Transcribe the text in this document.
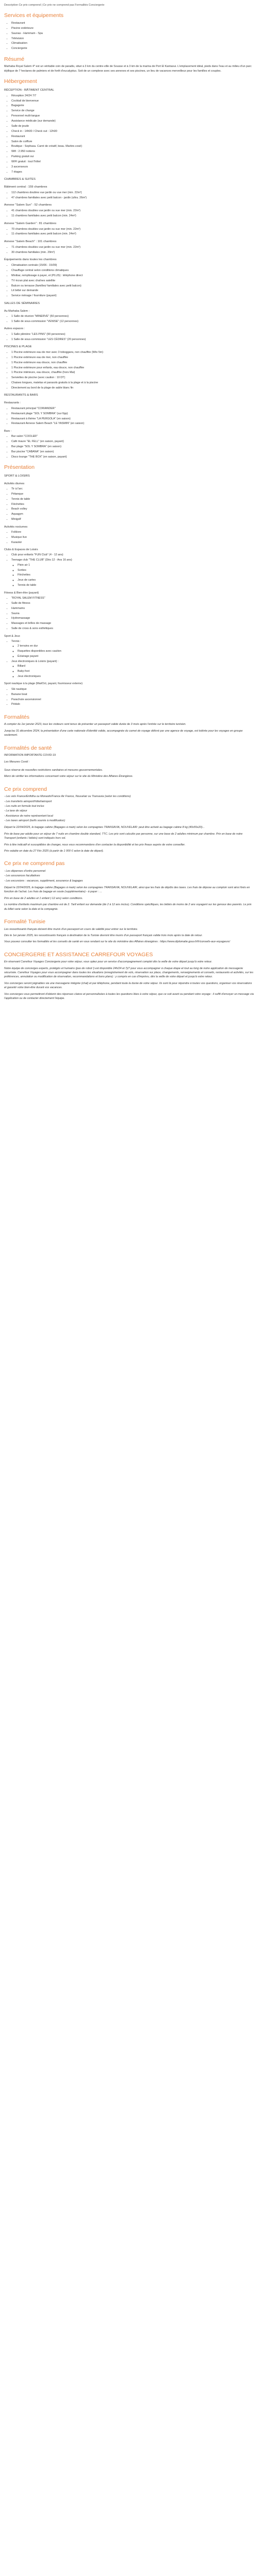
Description Ce prix comprend | Ce prix ne comprend pas Formalités Conciergerie

Services et équipements
• Restaurant
• Piscine extérieure
• Saunas - Hammam - Spa
• Télévision
• Climatisation
• Conciergerie
Résumé

Marhaba Royal Salem 4* est un véritable coin de paradis, situé à 3 km du centre-ville de Sousse et à 3 km de la marina de Port El Kantaoui. L'emplacement idéal, pieds dans l'eau et au milieu d'un parc idyllique de 7 hectares de palmiers et de forêt d'eucalyptus. Soit de un complexe avec ses annexes et ses piscines, un lieu de vacances merveilleux pour les familles et couples.

Hébergement
RÉCEPTION - BÂTIMENT CENTRAL
• Réception 24/24 7/7
• Cocktail de bienvenue
• Bagagerie
• Service de change
• Personnel multi-langue
• Assistance médicale (sur demande)
• Salle de jeude
• Check in : 14h00 / Check out : 12h00
• Restaurant
• Salon de coiffure
• Boutique : Sophasa. Carré de créatif, beau. Marbre.cosé)
• Wifi : 2.950 notions
• Parking gratuit oui
• WIFI gratuit : tout l'hôtel
• 3 ascenseurs
• 7 étages
CHAMBRES & SUITES
Bâtiment central : 159 chambres
• 112 chambres doubles vue jardin ou vue mer (min. 22m²)
• 47 chambres familiales avec petit balcon - jardin (ultra. 26m²)
Annexe "Salem Sun" : 52 chambres
• 41 chambres doubles vue jardin ou vue mer (min. 22m²)
• 11 chambres familiales avec petit balcon (min. 24m²)
Annexe "Salem Garden" : 81 chambres
• 70 chambres doubles vue jardin ou vue mer (min. 22m²)
• 11 chambres familiales avec petit balcon (min. 24m²)
Annexe "Salem Beach" : 101 chambres
• 71 chambres doubles vue jardin ou vue mer (min. 22m²)
• 30 chambres familiales (min. 29m²)
Équipements dans toutes les chambres
• Climatisation centrale (15/06 - 15/09)
• Chauffage central selon conditions climatiques
• Minibar, remplissage à payer, et (PLUS) : téléphone direct
• TV écran plat avec chaînes satellite
• Balcon ou terrasse (familles/ familiales avec petit balcon)
• Lit bébé sur demande
• Service ménage / fourniture (payant)
SALLES DE SÉMINAIRES

Au Marhaba Salem :

• 1 Salle de réunion "MINERVE" (50 personnes)
• 1 Salle de sous-commission "VENISE" (12 personnes)

Autres espaces :

• 1 Salle plénière "LES PINS" (90 personnes)
• 1 Salle de sous-commission "LES CÈDRES" (20 personnes)
PISCINES & PLAGE
• 1 Piscine extérieure eau de mer avec 3 toboggans, non chauffée (Wto 5m)
• 1 Piscine extérieure eau de mer, non chauffée
• 1 Piscine extérieure eau douce, non chauffée
• 1 Piscine extérieure pour enfants, eau douce, non chauffée
• 1 Piscine intérieure, eau douce, chauffée (hors Mai)
• Serviettes de piscine (avec caution : 10 DT)
• Chaises longues, matelas et parasols gratuits à la plage et à la piscine
• Directement au bord de la plage de sable blanc fin
RESTAURANTS & BARS

Restaurants :

• Restaurant principal "CORIANDER"
• Restaurant plage "SOL Y SOMBRA" (sur fipp)
• Restaurant à thème "LA PERGOLA" (en saison)
• Restaurant Annexe Salem Beach "LE YASMIN" (en saison)

Bars :

• Bar salon "COOLER"
• Café maure "EL FELL" (en saison, payant)
• Bar plage "SOL Y SOMBRA" (en saison)
• Bar piscine "CABANA" (en saison)
• Disco lounge "THE BOX" (en saison, payant)
Présentation
SPORT & LOISIRS

Activités diurnes

• Tir à l'arc
• Pétanque
• Tennis de table
• Fléchettes
• Beach volley
• Aquagym
• Minigolf

Activités nocturnes

• Folklore
• Musique live
• Karaoké

Clubs & Espaces de Loisirs

• Club pour enfants "FUN Club" (4 - 12 ans)
• Teenage club "THE CLUB" (Dès 12 - Ans 16 ans)
◦ Plein air 1
◦ Sorties
◦ Fléchettes
◦ Jeux de cartes
◦ Tennis de table

Fitness & Bien-être (payant)

• "ROYAL SALEM FITNESS"
• Salle de fitness
• Hammams
• Sauna
• Hydromassage
• Massages et brilles de massage
• Salle de cross & sons esthétiques

Sport & Jeux

• Tennis :
◦ 2 terrains en dur
◦ Raquettes disponibles avec caution
◦ Éclairage payant
• Jeux électroniques & Loisirs (payant) :
◦ Billard
◦ Baby-foot
◦ Jeux électroniques

Sport nautique à la plage (Mai/Oct, payant, fournisseur externe)

• Ski nautique
• Banane boat
• Parachute ascensionnel
• Pédalo
Formalités

A compter du 1er janvier 2023, tous les visiteurs sont tenus de présenter un passeport valide durée de 3 mois après l'entrée sur le territoire tunisien.

Jusqu'au 31 décembre 2024, la présentation d'une carte nationale d'identité valide, accompagnée du carnet de voyage délivré par une agence de voyage, est tolérée pour les voyages en groupe seulement.

Formalités de santé

INFORMATION IMPORTANTE COVID-19

Les Mesures Covid :

Sous réserve de nouvelles restrictions sanitaires et mesures gouvernementales.

Merci de vérifier les informations concernant votre séjour sur le site du Ministère des Affaires Étrangères.

Ce prix comprend

- Les vols France/Enfidha ou Monastir/France Air France, Nouvelair ou Transavia (selon les conditions)

- Les transferts aéroport/hôtel/aéroport

- Les nuits en formule tout inclus

- La taxe de séjour

- Assistance de notre représentant local

- Les taxes aéroport (tarifs soumis à modification)

Départ le 22/04/2025, le bagage cabine (Bagages à main) selon les compagnies TRANSAVIA, NOUVELAIR: peut être acheté au bagage cabine 8 kg (40x55x20)...

Prix de base par adulte pour un séjour de 7 nuits en chambre double standard, TTC. Les prix sont calculés par personne, sur une base de 2 adultes minimum par chambre. Prix en base de notre Transport (enfants / bébés) sont indiqués hors vol.

Prix à titre indicatif et susceptibles de changer, nous vous recommandons d'en contacter la disponibilité et les prix finaux auprès de votre conseiller.

Prix valable en date du 27 Fév 2025 (à partir de 1 000 € selon la date de départ).

Ce prix ne comprend pas

- Les dépenses d'ordre personnel

- Les assurances facultatives

- Les excursions : vacances, supplément, assurance & bagages

Départ le 22/04/2025, le bagage cabine (Bagages à main) selon les compagnies TRANSAVIA, NOUVELAIR, ainsi que les frais de dépôts des taxes. Les frais de dépose au comptoir sont ainsi fixés en fonction de l'achat. Les frais de bagage en soute (supplémentaire) - à payer : ...

Prix en base de 2 adultes et 1 enfant (-12 ans) selon conditions.

Le nombre d'enfants maximum par chambre est de 2. Tarif enfant sur demande (de 2 à 12 ans inclus). Conditions spécifiques, les bébés de moins de 2 ans voyagent sur les genoux des parents. Le prix du billet varie selon la date et la compagnie.

Formalité Tunisie

Les ressortissants français doivent être munis d'un passeport en cours de validité pour entrer sur le territoire.

Dès le 1er janvier 2025, les ressortissants français à destination de la Tunisie devront être munis d'un passeport français valide trois mois après la date de retour.

Vous pouvez consulter les formalités et les conseils de santé en vous rendant sur le site du ministère des Affaires étrangères : https://www.diplomatie.gouv.fr/fr/conseils-aux-voyageurs/

CONCIERGERIE ET ASSISTANCE CARREFOUR VOYAGES

En réservant Carrefour Voyages Conciergerie pour votre séjour, vous optez pour un service d'accompagnement complet dès la veille de votre départ jusqu'à votre retour.

Notre équipe de concierges experts, protégés et humains (pas de robot !) est disponible 24h/24 et 7j/7 pour vous accompagner à chaque étape et tout au long de notre application de messagerie sécurisée. Carrefour Voyages pour vous accompagner dans toutes les situations (enregistrement de vols, réservation sur place, changements, renseignements et conseils, restaurants et activités, sur les préférences, annulation ou modification de réservation, recommandations et bons plans) : y compris en cas d'imprévu, dès la veille de votre départ et jusqu'à votre retour.

Vos concierges seront joignables via une messagerie intégrée (chat) et par téléphone, pendant toute la durée de votre séjour. Ils sont là pour répondre à toutes vos questions, organiser vos réservations et garantir votre bien-être durant vos vacances.

Vos concierges vous permettront d'obtenir des réponses claires et personnalisées à toutes les questions liées à votre séjour, que ce soit avant ou pendant votre voyage : il suffit d'envoyer un message via l'application ou de contacter directement l'équipe.
